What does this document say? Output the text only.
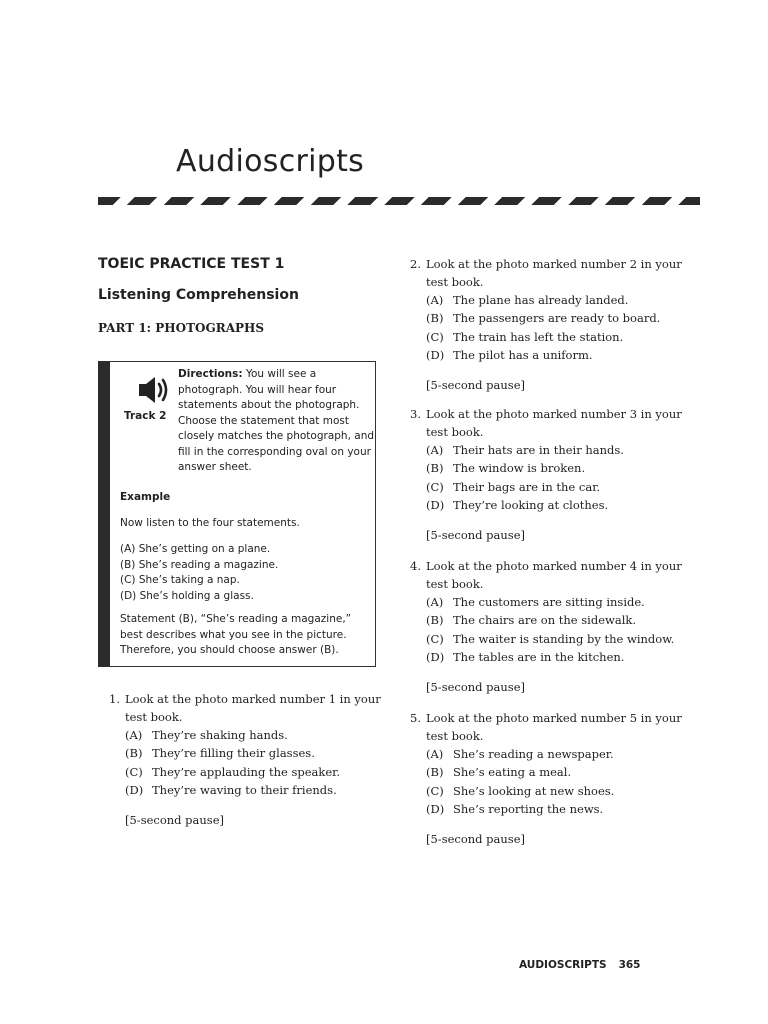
Audioscripts
TOEIC PRACTICE TEST 1
Listening Comprehension
PART 1: PHOTOGRAPHS
Track 2
Directions: You will see a photograph. You will hear four statements about the photograph. Choose the statement that most closely matches the photograph, and fill in the corresponding oval on your answer sheet.
Example
Now listen to the four statements.
(A) She’s getting on a plane.
(B) She’s reading a magazine.
(C) She’s taking a nap.
(D) She’s holding a glass.
Statement (B), “She’s reading a magazine,” best describes what you see in the picture. Therefore, you should choose answer (B).
1. Look at the photo marked number 1 in your
test book.
(A) They’re shaking hands.
(B) They’re filling their glasses.
(C) They’re applauding the speaker.
(D) They’re waving to their friends.
[5-second pause]
2. Look at the photo marked number 2 in your
test book.
(A) The plane has already landed.
(B) The passengers are ready to board.
(C) The train has left the station.
(D) The pilot has a uniform.
[5-second pause]
3. Look at the photo marked number 3 in your
test book.
(A) Their hats are in their hands.
(B) The window is broken.
(C) Their bags are in the car.
(D) They’re looking at clothes.
[5-second pause]
4. Look at the photo marked number 4 in your
test book.
(A) The customers are sitting inside.
(B) The chairs are on the sidewalk.
(C) The waiter is standing by the window.
(D) The tables are in the kitchen.
[5-second pause]
5. Look at the photo marked number 5 in your
test book.
(A) She’s reading a newspaper.
(B) She’s eating a meal.
(C) She’s looking at new shoes.
(D) She’s reporting the news.
[5-second pause]
AUDIOSCRIPTS 365
